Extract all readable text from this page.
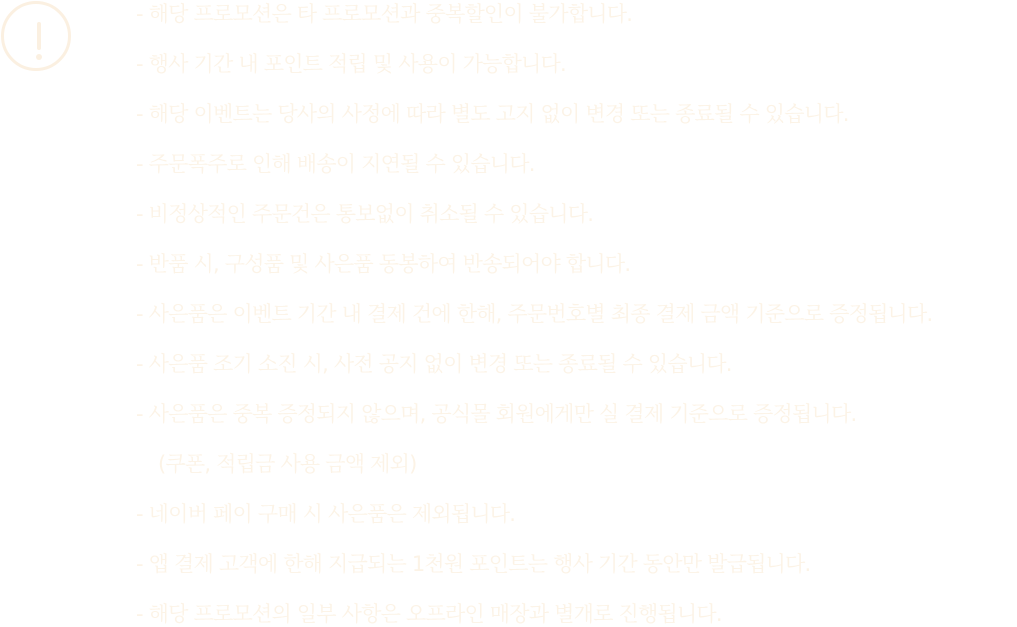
- 해당 프로모션은 타 프로모션과 중복할인이 불가합니다.
- 행사 기간 내 포인트 적립 및 사용이 가능합니다.
- 해당 이벤트는 당사의 사정에 따라 별도 고지 없이 변경 또는 종료될 수 있습니다.
- 주문폭주로 인해 배송이 지연될 수 있습니다.
- 비정상적인 주문건은 통보없이 취소될 수 있습니다.
- 반품 시, 구성품 및 사은품 동봉하여 반송되어야 합니다.
- 사은품은 이벤트 기간 내 결제 건에 한해, 주문번호별 최종 결제 금액 기준으로 증정됩니다.
- 사은품 조기 소진 시, 사전 공지 없이 변경 또는 종료될 수 있습니다.
- 사은품은 중복 증정되지 않으며, 공식몰 회원에게만 실 결제 기준으로 증정됩니다.
(쿠폰, 적립금 사용 금액 제외)
- 네이버 페이 구매 시 사은품은 제외됩니다.
- 앱 결제 고객에 한해 지급되는 1천원 포인트는 행사 기간 동안만 발급됩니다.
- 해당 프로모션의 일부 사항은 오프라인 매장과 별개로 진행됩니다.
